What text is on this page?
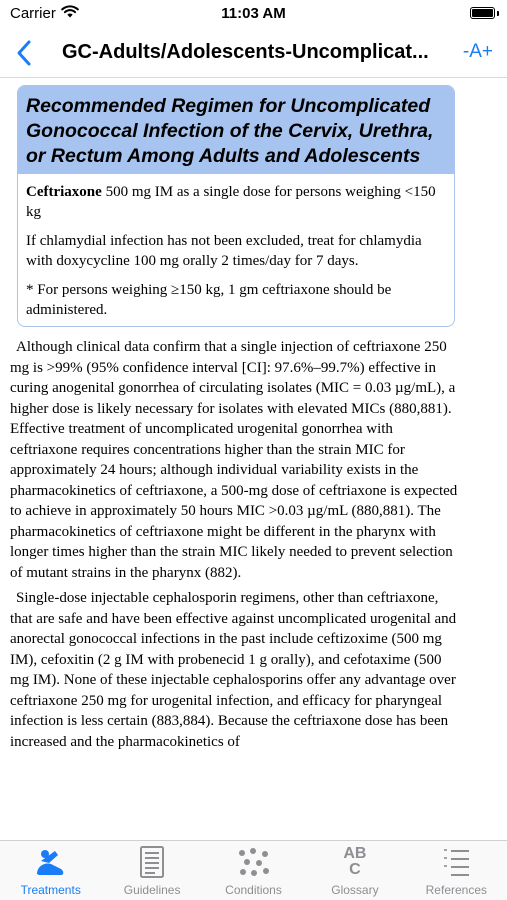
Carrier	11:03 AM
GC-Adults/Adolescents-Uncomplicat...	-A+
Recommended Regimen for Uncomplicated Gonococcal Infection of the Cervix, Urethra, or Rectum Among Adults and Adolescents

Ceftriaxone 500 mg IM as a single dose for persons weighing <150 kg

If chlamydial infection has not been excluded, treat for chlamydia with doxycycline 100 mg orally 2 times/day for 7 days.

* For persons weighing ≥150 kg, 1 gm ceftriaxone should be administered.

Although clinical data confirm that a single injection of ceftriaxone 250 mg is >99% (95% confidence interval [CI]: 97.6%–99.7%) effective in curing anogenital gonorrhea of circulating isolates (MIC = 0.03 µg/mL), a higher dose is likely necessary for isolates with elevated MICs (880,881). Effective treatment of uncomplicated urogenital gonorrhea with ceftriaxone requires concentrations higher than the strain MIC for approximately 24 hours; although individual variability exists in the pharmacokinetics of ceftriaxone, a 500-mg dose of ceftriaxone is expected to achieve in approximately 50 hours MIC >0.03 µg/mL (880,881). The pharmacokinetics of ceftriaxone might be different in the pharynx with longer times higher than the strain MIC likely needed to prevent selection of mutant strains in the pharynx (882).

Single-dose injectable cephalosporin regimens, other than ceftriaxone, that are safe and have been effective against uncomplicated urogenital and anorectal gonococcal infections in the past include ceftizoxime (500 mg IM), cefoxitin (2 g IM with probenecid 1 g orally), and cefotaxime (500 mg IM). None of these injectable cephalosporins offer any advantage over ceftriaxone 250 mg for urogenital infection, and efficacy for pharyngeal infection is less certain (883,884). Because the ceftriaxone dose has been increased and the pharmacokinetics of

Treatments	Guidelines	Conditions
AB
C
Glossary	References
